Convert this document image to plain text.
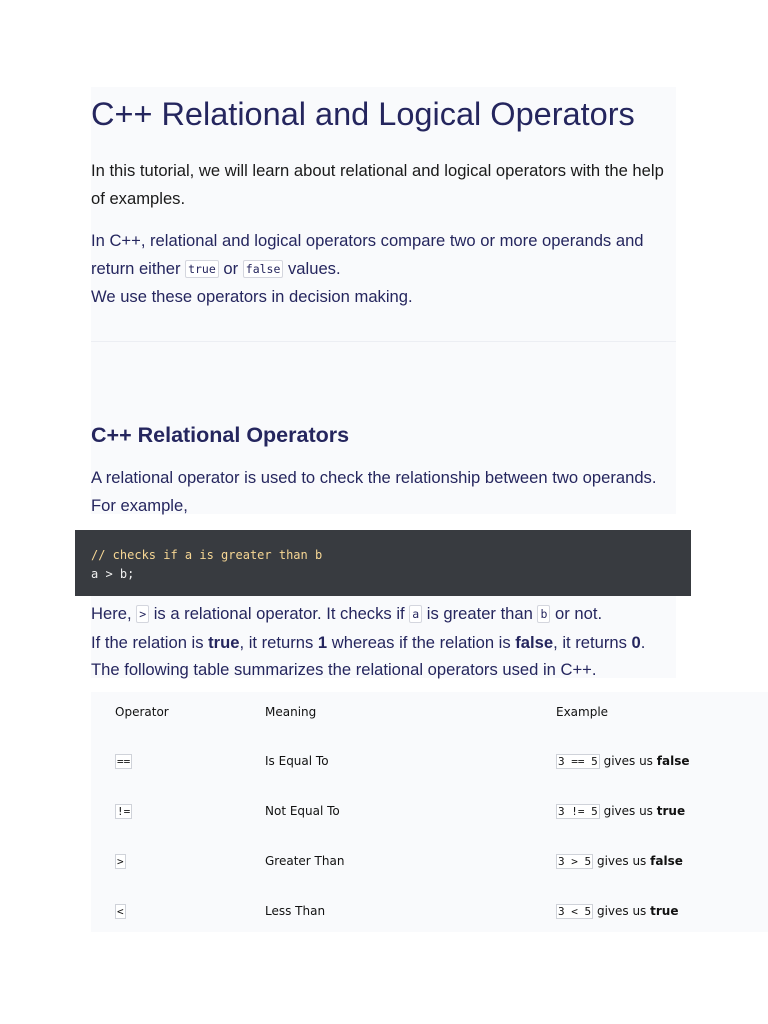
C++ Relational and Logical Operators

In this tutorial, we will learn about relational and logical operators with the help of examples.

In C++, relational and logical operators compare two or more operands and return either true or false values.
We use these operators in decision making.

C++ Relational Operators

A relational operator is used to check the relationship between two operands. For example,

// checks if a is greater than b
a > b;

Here, > is a relational operator. It checks if a is greater than b or not.
If the relation is true, it returns 1 whereas if the relation is false, it returns 0.
The following table summarizes the relational operators used in C++.

Operator	Meaning	Example
==	Is Equal To	3 == 5 gives us false
!=	Not Equal To	3 != 5 gives us true
>	Greater Than	3 > 5 gives us false
<	Less Than	3 < 5 gives us true
